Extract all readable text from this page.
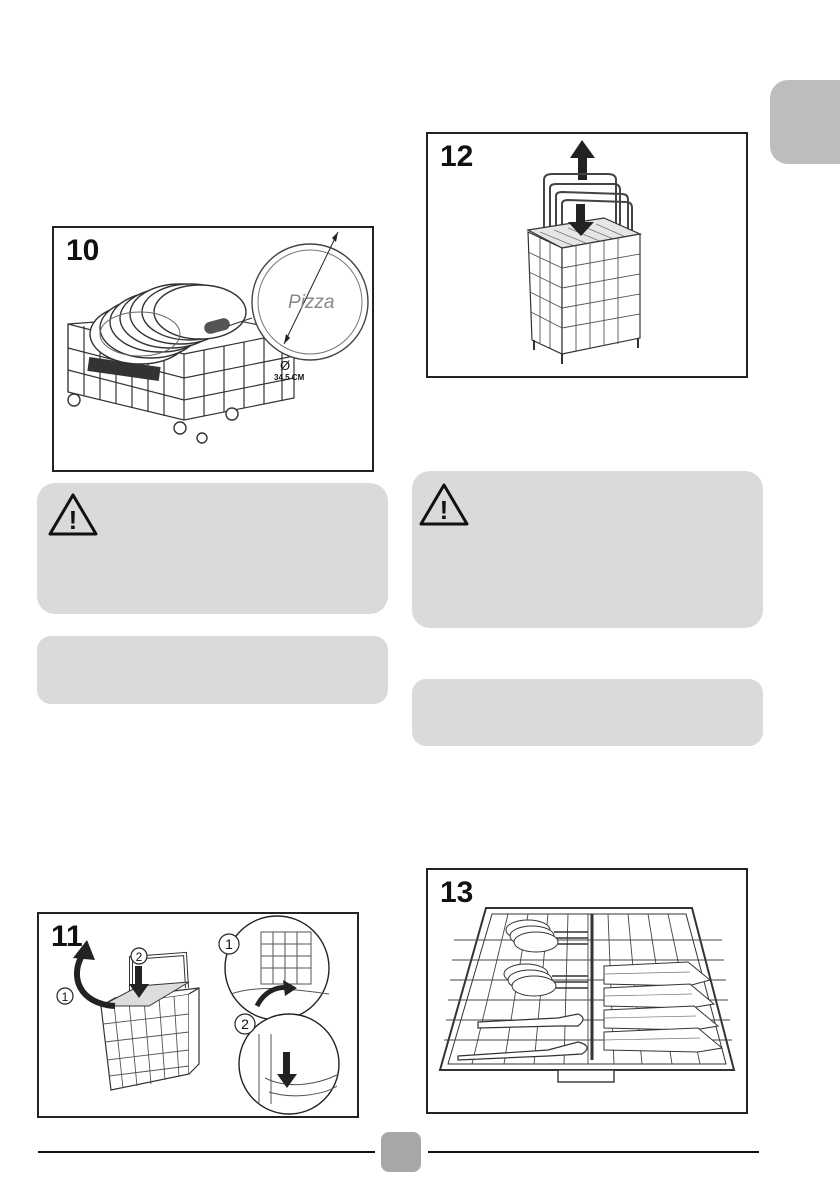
10
Pizza
Ø
34,5 CM
!
11
2
1
1
2
12
!
13
